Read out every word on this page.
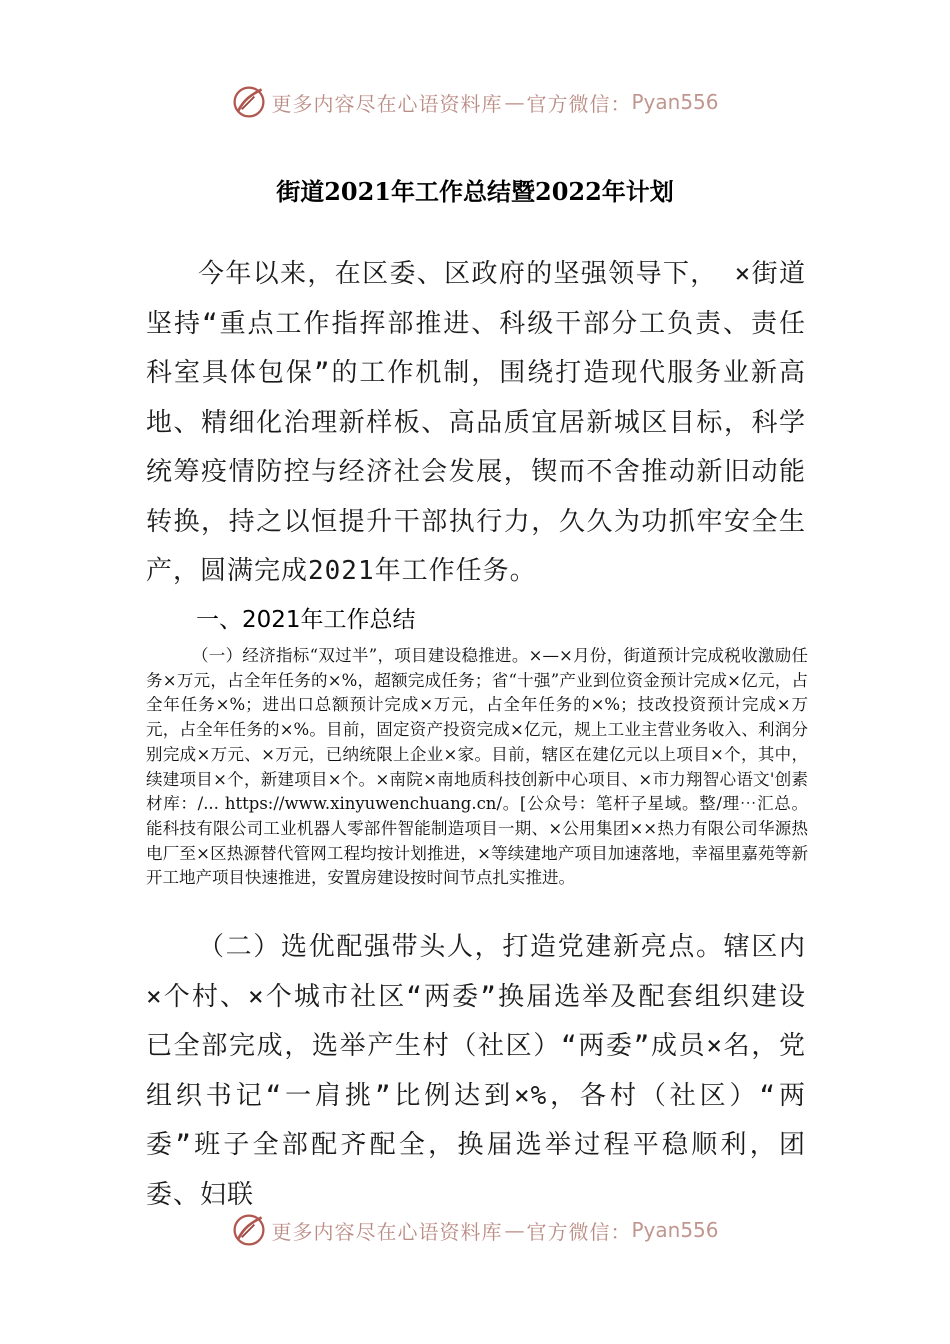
更多内容尽在心语资料库 — 官方微信： Pyan556
街道2021年工作总结暨2022年计划

今年以来，在区委、区政府的坚强领导下， ×街道坚持“重点工作指挥部推进、科级干部分工负责、责任科室具体包保”的工作机制，围绕打造现代服务业新高地、精细化治理新样板、高品质宜居新城区目标，科学统筹疫情防控与经济社会发展，锲而不舍推动新旧动能转换，持之以恒提升干部执行力，久久为功抓牢安全生产，圆满完成2021年工作任务。

一、2021年工作总结

（一）经济指标“双过半”，项目建设稳推进。×—×月份，街道预计完成税收激励任务×万元，占全年任务的×%，超额完成任务；省“十强”产业到位资金预计完成×亿元，占全年任务×%；进出口总额预计完成×万元，占全年任务的×%；技改投资预计完成×万元，占全年任务的×%。目前，固定资产投资完成×亿元，规上工业主营业务收入、利润分别完成×万元、×万元，已纳统限上企业×家。目前，辖区在建亿元以上项目×个，其中，续建项目×个，新建项目×个。×南院×南地质科技创新中心项目、×市力翔智心语文'创素材库：/... https://www.xinyuwenchuang.cn/。[公众号：笔杆子星域。整/理⋯汇总。能科技有限公司工业机器人零部件智能制造项目一期、×公用集团××热力有限公司华源热电厂至×区热源替代管网工程均按计划推进，×等续建地产项目加速落地，幸福里嘉苑等新开工地产项目快速推进，安置房建设按时间节点扎实推进。

（二）选优配强带头人，打造党建新亮点。辖区内×个村、×个城市社区“两委”换届选举及配套组织建设已全部完成，选举产生村（社区）“两委”成员×名，党组织书记“一肩挑”比例达到×%，各村（社区）“两委”班子全部配齐配全，换届选举过程平稳顺利，团委、妇联

更多内容尽在心语资料库 — 官方微信： Pyan556
